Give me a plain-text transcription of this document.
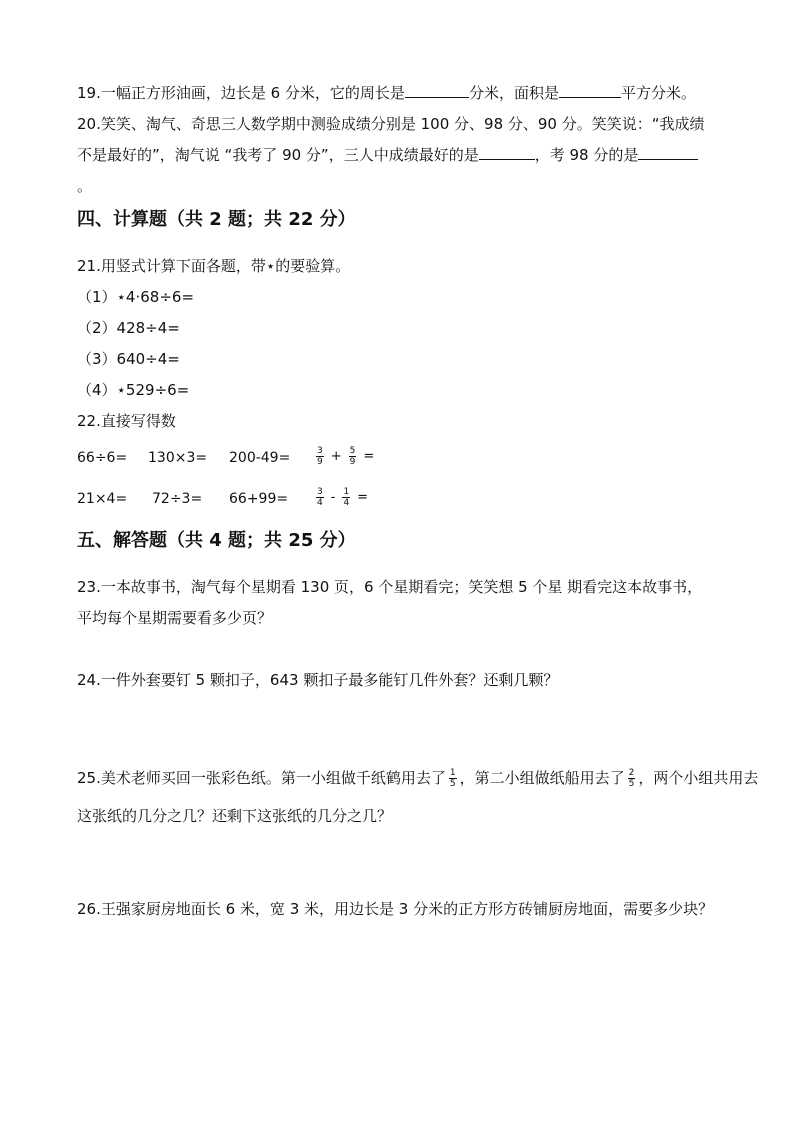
19.一幅正方形油画，边长是 6 分米，它的周长是	分米，面积是	平方分米。
20.笑笑、淘气、奇思三人数学期中测验成绩分别是 100 分、98 分、90 分。笑笑说：“我成绩
不是最好的”，淘气说 “我考了 90 分”，三人中成绩最好的是	，考 98 分的是
。
四、计算题（共 2 题；共 22 分）
21.用竖式计算下面各题，带⋆的要验算。
（1）⋆4·68÷6=
（2）428÷4=
（3）640÷4=
（4）⋆529÷6=
22.直接写得数
66÷6= 130×3= 200-49=	$\frac{3}{9} + \frac{5}{9}$ =
21×4= 72÷3= 66+99=	$\frac{3}{4} - \frac{1}{4}$ =
五、解答题（共 4 题；共 25 分）
23.一本故事书，淘气每个星期看 130 页，6 个星期看完；笑笑想 5 个星 期看完这本故事书，
平均每个星期需要看多少页？
24.一件外套要钉 5 颗扣子，643 颗扣子最多能钉几件外套？还剩几颗？
25.美术老师买回一张彩色纸。第一小组做千纸鹤用去了 $\frac{1}{5}$ ，第二小组做纸船用去了 $\frac{2}{5}$ ，两个小组共用去
这张纸的几分之几？还剩下这张纸的几分之几？
26.王强家厨房地面长 6 米，宽 3 米，用边长是 3 分米的正方形方砖铺厨房地面，需要多少块？
